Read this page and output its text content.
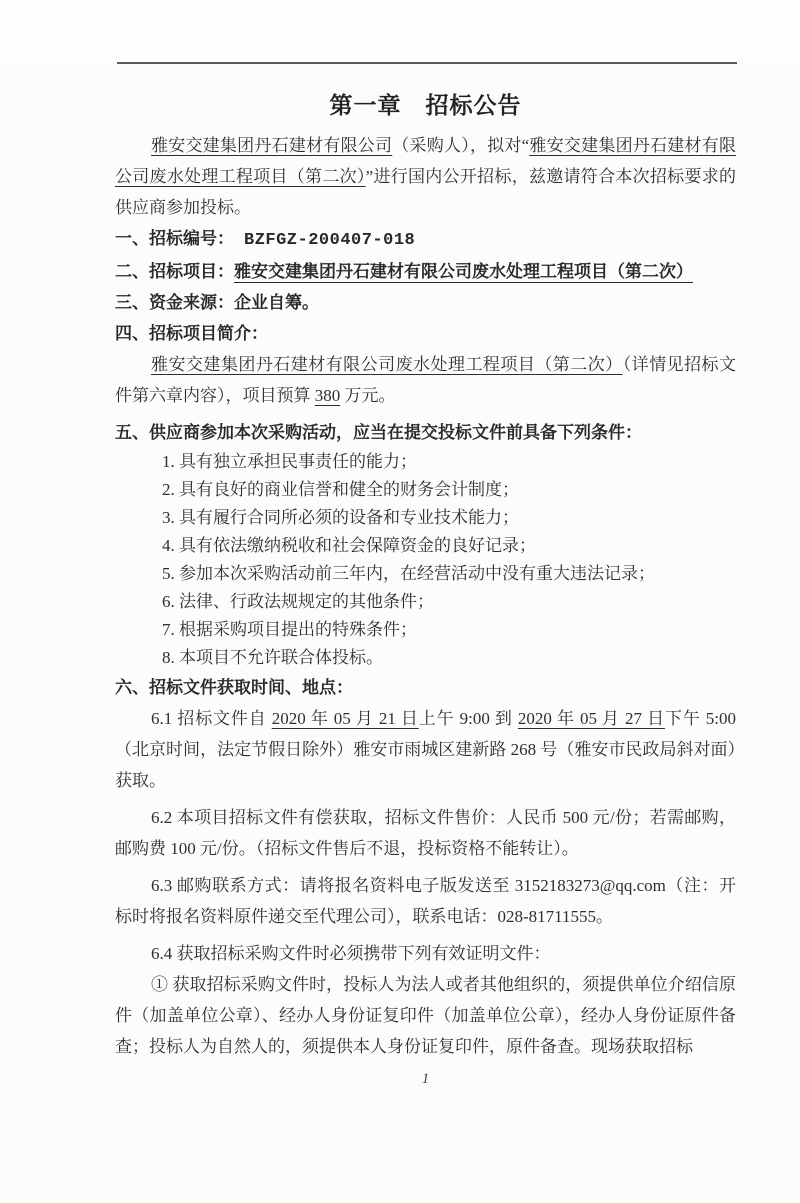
第一章　招标公告

雅安交建集团丹石建材有限公司（采购人），拟对“雅安交建集团丹石建材有限公司废水处理工程项目（第二次）”进行国内公开招标，兹邀请符合本次招标要求的供应商参加投标。

一、招标编号： BZFGZ-200407-018

二、招标项目：雅安交建集团丹石建材有限公司废水处理工程项目（第二次）

三、资金来源：企业自筹。

四、招标项目简介：

雅安交建集团丹石建材有限公司废水处理工程项目（第二次）（详情见招标文件第六章内容），项目预算 380 万元。

五、供应商参加本次采购活动，应当在提交投标文件前具备下列条件：

1. 具有独立承担民事责任的能力；
2. 具有良好的商业信誉和健全的财务会计制度；
3. 具有履行合同所必须的设备和专业技术能力；
4. 具有依法缴纳税收和社会保障资金的良好记录；
5. 参加本次采购活动前三年内，在经营活动中没有重大违法记录；
6. 法律、行政法规规定的其他条件；
7. 根据采购项目提出的特殊条件；
8. 本项目不允许联合体投标。

六、招标文件获取时间、地点：

6.1 招标文件自 2020 年 05 月 21 日上午 9:00 到 2020 年 05 月 27 日下午 5:00（北京时间，法定节假日除外）雅安市雨城区建新路 268 号（雅安市民政局斜对面）获取。

6.2 本项目招标文件有偿获取，招标文件售价：人民币 500 元/份；若需邮购，邮购费 100 元/份。（招标文件售后不退，投标资格不能转让）。

6.3 邮购联系方式：请将报名资料电子版发送至 3152183273@qq.com（注：开标时将报名资料原件递交至代理公司），联系电话：028-81711555。

6.4 获取招标采购文件时必须携带下列有效证明文件：

① 获取招标采购文件时，投标人为法人或者其他组织的，须提供单位介绍信原件（加盖单位公章）、经办人身份证复印件（加盖单位公章），经办人身份证原件备查；投标人为自然人的，须提供本人身份证复印件，原件备查。现场获取招标

1
